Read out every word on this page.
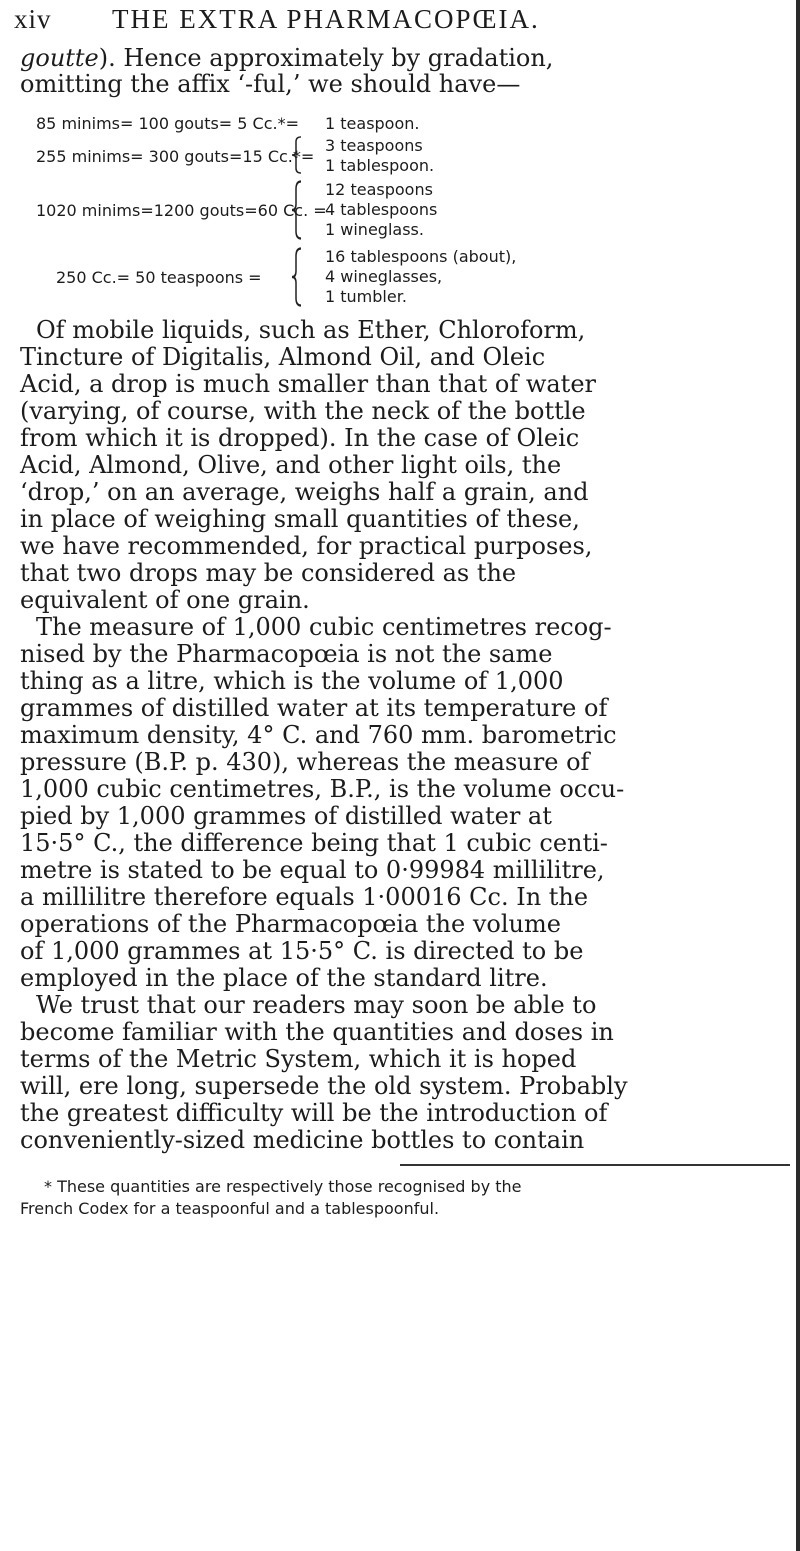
xiv THE EXTRA PHARMACOPŒIA.
goutte). Hence approximately by gradation,
omitting the affix ‘-ful,’ we should have—
85 minims= 100 gouts= 5 Cc.*= 1 teaspoon.
255 minims= 300 gouts=15 Cc.*=
3 teaspoons
1 tablespoon.
1020 minims=1200 gouts=60 Cc. =
12 teaspoons
4 tablespoons
1 wineglass.
250 Cc.= 50 teaspoons =
16 tablespoons (about),
4 wineglasses,
1 tumbler.
Of mobile liquids, such as Ether, Chloroform,
Tincture of Digitalis, Almond Oil, and Oleic
Acid, a drop is much smaller than that of water
(varying, of course, with the neck of the bottle
from which it is dropped). In the case of Oleic
Acid, Almond, Olive, and other light oils, the
‘drop,’ on an average, weighs half a grain, and
in place of weighing small quantities of these,
we have recommended, for practical purposes,
that two drops may be considered as the
equivalent of one grain.
The measure of 1,000 cubic centimetres recog-
nised by the Pharmacopœia is not the same
thing as a litre, which is the volume of 1,000
grammes of distilled water at its temperature of
maximum density, 4° C. and 760 mm. barometric
pressure (B.P. p. 430), whereas the measure of
1,000 cubic centimetres, B.P., is the volume occu-
pied by 1,000 grammes of distilled water at
15·5° C., the difference being that 1 cubic centi-
metre is stated to be equal to 0·99984 millilitre,
a millilitre therefore equals 1·00016 Cc. In the
operations of the Pharmacopœia the volume
of 1,000 grammes at 15·5° C. is directed to be
employed in the place of the standard litre.
We trust that our readers may soon be able to
become familiar with the quantities and doses in
terms of the Metric System, which it is hoped
will, ere long, supersede the old system. Probably
the greatest difficulty will be the introduction of
conveniently-sized medicine bottles to contain
* These quantities are respectively those recognised by the
French Codex for a teaspoonful and a tablespoonful.
